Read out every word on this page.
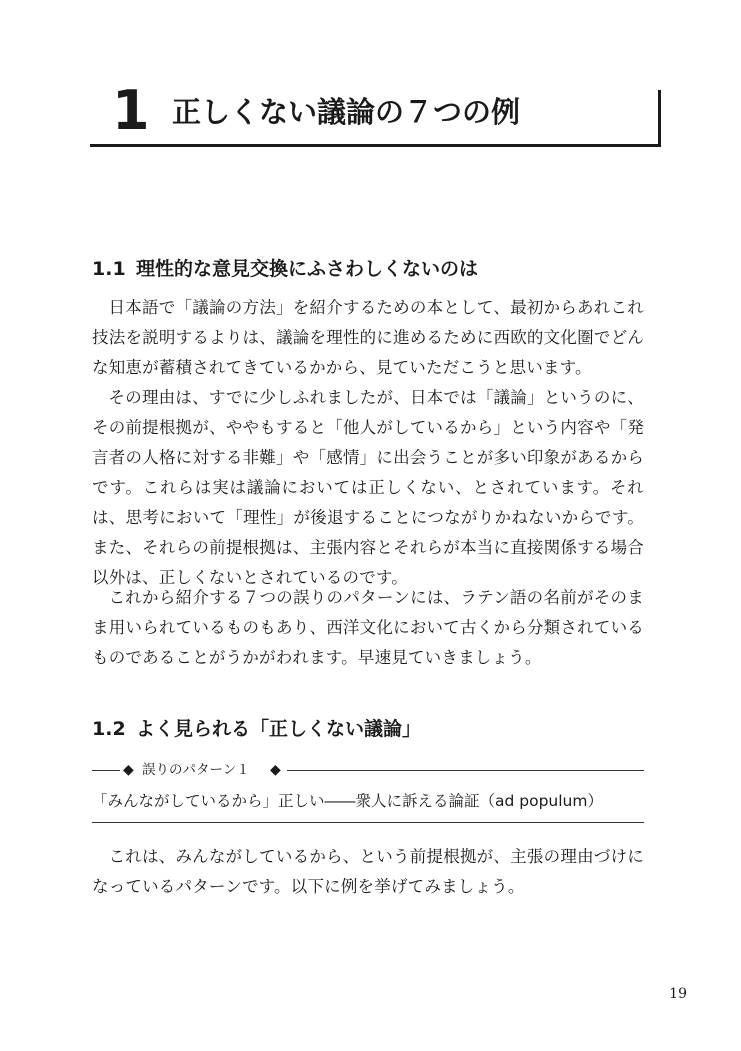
1 正しくない議論の７つの例
1.1 理性的な意見交換にふさわしくないのは

日本語で「議論の方法」を紹介するための本として、最初からあれこれ技法を説明するよりは、議論を理性的に進めるために西欧的文化圏でどんな知恵が蓄積されてきているかから、見ていただこうと思います。

その理由は、すでに少しふれましたが、日本では「議論」というのに、その前提根拠が、ややもすると「他人がしているから」という内容や「発言者の人格に対する非難」や「感情」に出会うことが多い印象があるからです。これらは実は議論においては正しくない、とされています。それは、思考において「理性」が後退することにつながりかねないからです。また、それらの前提根拠は、主張内容とそれらが本当に直接関係する場合以外は、正しくないとされているのです。

これから紹介する７つの誤りのパターンには、ラテン語の名前がそのまま用いられているものもあり、西洋文化において古くから分類されているものであることがうかがわれます。早速見ていきましょう。

1.2 よく見られる「正しくない議論」
◆ 誤りのパターン１ ◆
「みんながしているから」正しい――衆人に訴える論証（ad populum）

これは、みんながしているから、という前提根拠が、主張の理由づけになっているパターンです。以下に例を挙げてみましょう。

19
